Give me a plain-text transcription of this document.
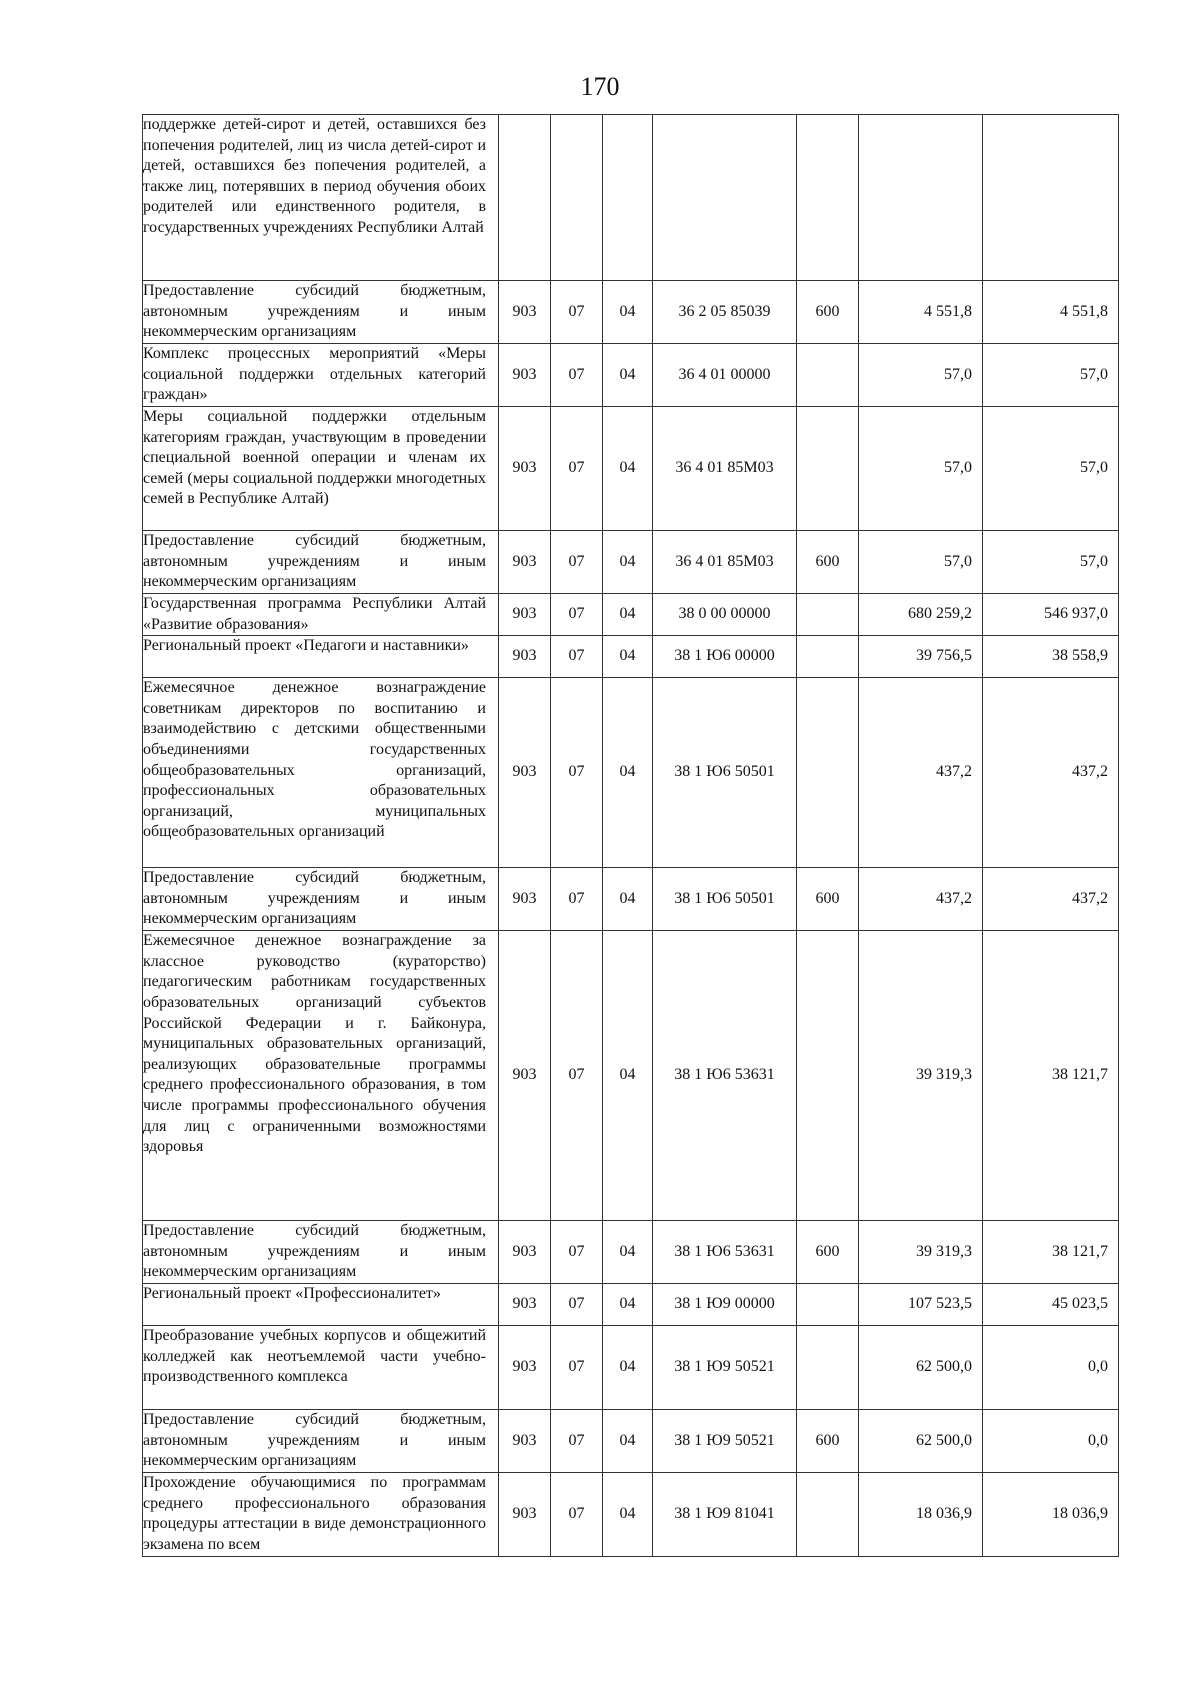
170
поддержке детей-сирот и детей, оставшихся без попечения родителей, лиц из числа детей-сирот и детей, оставшихся без попечения родителей, а также лиц, потерявших в период обучения обоих родителей или единственного родителя, в государственных учреждениях Республики Алтай							

Предоставление субсидий бюджетным, автономным учреждениям и иным некоммерческим организациям	903	07	04	36 2 05 85039	600	4 551,8	4 551,8

Комплекс процессных мероприятий «Меры социальной поддержки отдельных категорий граждан»	903	07	04	36 4 01 00000		57,0	57,0

Меры социальной поддержки отдельным категориям граждан, участвующим в проведении специальной военной операции и членам их семей (меры социальной поддержки многодетных семей в Республике Алтай)	903	07	04	36 4 01 85М03		57,0	57,0

Предоставление субсидий бюджетным, автономным учреждениям и иным некоммерческим организациям	903	07	04	36 4 01 85М03	600	57,0	57,0

Государственная программа Республики Алтай «Развитие образования»	903	07	04	38 0 00 00000		680 259,2	546 937,0

Региональный проект «Педагоги и наставники»	903	07	04	38 1 Ю6 00000		39 756,5	38 558,9

Ежемесячное денежное вознаграждение советникам директоров по воспитанию и взаимодействию с детскими общественными объединениями государственных общеобразовательных организаций, профессиональных образовательных организаций, муниципальных общеобразовательных организаций	903	07	04	38 1 Ю6 50501		437,2	437,2

Предоставление субсидий бюджетным, автономным учреждениям и иным некоммерческим организациям	903	07	04	38 1 Ю6 50501	600	437,2	437,2

Ежемесячное денежное вознаграждение за классное руководство (кураторство) педагогическим работникам государственных образовательных организаций субъектов Российской Федерации и г. Байконура, муниципальных образовательных организаций, реализующих образовательные программы среднего профессионального образования, в том числе программы профессионального обучения для лиц с ограниченными возможностями здоровья	903	07	04	38 1 Ю6 53631		39 319,3	38 121,7

Предоставление субсидий бюджетным, автономным учреждениям и иным некоммерческим организациям	903	07	04	38 1 Ю6 53631	600	39 319,3	38 121,7

Региональный проект «Профессионалитет»	903	07	04	38 1 Ю9 00000		107 523,5	45 023,5

Преобразование учебных корпусов и общежитий колледжей как неотъемлемой части учебно-производственного комплекса	903	07	04	38 1 Ю9 50521		62 500,0	0,0

Предоставление субсидий бюджетным, автономным учреждениям и иным некоммерческим организациям	903	07	04	38 1 Ю9 50521	600	62 500,0	0,0

Прохождение обучающимися по программам среднего профессионального образования процедуры аттестации в виде демонстрационного экзамена по всем	903	07	04	38 1 Ю9 81041		18 036,9	18 036,9
